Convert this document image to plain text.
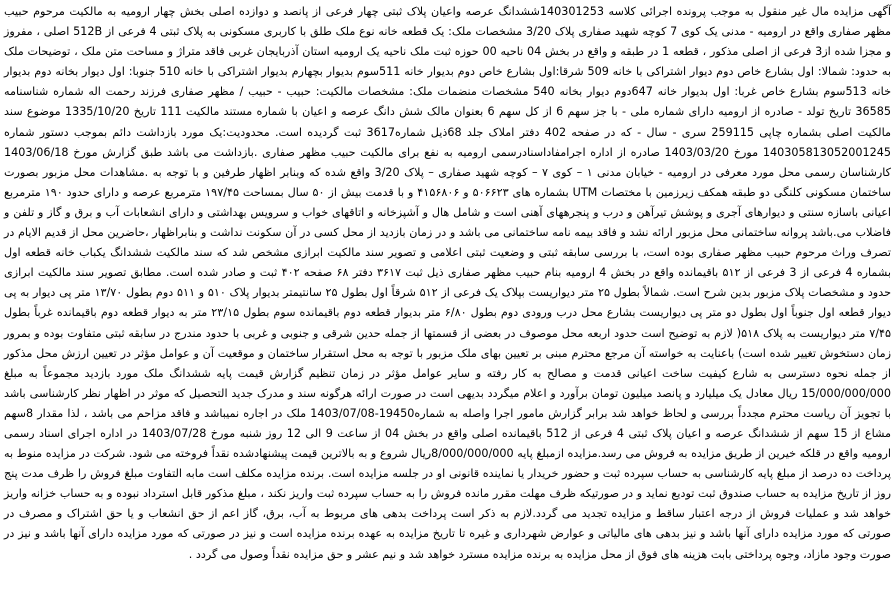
آگهی مزایده مال غیر منقول به موجب پرونده اجرائی کلاسه 140301253ششدانگ عرصه واعیان پلاک ثبتی چهار فرعی از پانصد و دوازده اصلی بخش چهار ارومیه به مالکیت مرحوم حبیب مظهر صفاری واقع در ارومیه - مدنی یک کوی 7 کوچه شهید صفاری پلاک 3/20 مشخصات ملک: یک قطعه خانه نوع ملک طلق با کاربری مسکونی به پلاک ثبتی 4 فرعی از 512B اصلی ، مفروز و مجزا شده از3 فرعی از اصلی مذکور ، قطعه 1 در طبقه و واقع در بخش 04 ناحیه 00 حوزه ثبت ملک ناحیه یک ارومیه استان آذربایجان غربی فاقد متراژ و مساحت متن ملک ، توضیحات ملک به حدود: شمالا: اول بشارع خاص دوم دیوار اشتراکی با خانه 509 شرقا:اول بشارع خاص دوم بدیوار خانه 511سوم بدیوار بچهارم بدیوار اشتراکی با خانه 510 جنوبا: اول دیوار بخانه دوم بدیوار خانه 513سوم بشارع خاص غربا: اول بدیوار خانه 647دوم دیوار بخانه 540 مشخصات منضمات ملک: مشخصات مالکیت: حبیب - حبیب / مظهر صفاری فرزند رحمت اله شماره شناسنامه 36585 تاریخ تولد - صادره از ارومیه دارای شماره ملی - با جز سهم 6 از کل سهم 6 بعنوان مالک شش دانگ عرصه و اعیان با شماره مستند مالکیت 111 تاریخ 1335/10/20 موضوع سند مالکیت اصلی بشماره چاپی 259115 سری - سال - که در صفحه 402 دفتر املاک جلد 68ذیل شماره3617 ثبت گردیده است. محدودیت:یک مورد بازداشت دائم بموجب دستور شماره 140305813052001245 مورخ 1403/03/20 صادره از اداره اجرامفاداسنادرسمی ارومیه به نفع برای مالکیت حبیب مظهر صفاری .بازداشت می باشد طبق گزارش مورخ 1403/06/18 کارشناسان رسمی محل مورد معرفی در ارومیه - خیابان مدنی ۱ – کوی ۷ – کوچه شهید صفاری – پلاک 3/20 واقع شده که وبنابر اظهار طرفین و با توجه به .مشاهدات محل مزبور بصورت ساختمان مسکونی کلنگی دو طبقه همکف زیرزمین با مختصات UTM بشماره های ۵۰۶۶۲۳ و ۴۱۵۶۸۰۶ و با قدمت بیش از ۵۰ سال بمساحت ۱۹۷/۴۵ مترمربع عرصه و دارای حدود ۱۹۰ مترمربع اعیانی باسازه سنتی و دیوارهای آجری و پوشش تیرآهن و درب و پنجرههای آهنی است و شامل هال و آشپزخانه و اتاقهای خواب و سرویس بهداشتی و دارای انشعابات آب و برق و گاز و تلفن و فاضلاب می.باشد پروانه ساختمانی محل مزبور ارائه نشد و فاقد بیمه نامه ساختمانی می باشد و در زمان بازدید از محل کسی در آن سکونت نداشت و بنابراظهار ،حاضرین محل از قدیم الایام در تصرف وراث مرحوم حبیب مظهر صفاری بوده است، با بررسی سابقه ثبتی و وضعیت ثبتی اعلامی و تصویر سند مالکیت ابرازی مشخص شد که سند مالکیت ششدانگ یکباب خانه قطعه اول بشماره 4 فرعی از 3 فرعی از ۵۱۲ باقیمانده واقع در بخش 4 ارومیه بنام حبیب مظهر صفاری ذیل ثبت ۳۶۱۷ دفتر ۶۸ صفحه ۴۰۲ ثبت و صادر شده است. مطابق تصویر سند مالکیت ابرازی حدود و مشخصات پلاک مزبور بدین شرح است. شمالاً بطول ۲۵ متر دیواریست بپلاک یک فرعی از ۵۱۲ شرقاً اول بطول ۲۵ سانتیمتر بدیوار پلاک ۵۱۰ و ۵۱۱ دوم بطول ۱۳/۷۰ متر پی دیوار به پی دیوار قطعه اول جنوباً اول بطول دو متر پی دیواریست بشارع محل درب ورودی دوم بطول ۶/۸۰ متر بدیوار قطعه دوم باقیمانده سوم بطول ۲۳/۱۵ متر به دیوار قطعه دوم باقیمانده غرباً بطول ۷/۴۵ متر دیواریست به پلاک ۵۱۸( لازم به توضیح است حدود اربعه محل موصوف در بعضی از قسمتها از جمله حدین شرقی و جنوبی و غربی با حدود مندرج در سابقه ثبتی متفاوت بوده و بمرور زمان دستخوش تغییر شده است) باعنایت به خواسته آن مرجع محترم مبنی بر تعیین بهای ملک مزبور با توجه به محل استقرار ساختمان و موقعیت آن و عوامل مؤثر در تعیین ارزش محل مذکور از جمله نحوه دسترسی به شارع کیفیت ساخت اعیانی قدمت و مصالح به کار رفته و سایر عوامل مؤثر در زمان تنظیم گزارش قیمت پایه ششدانگ ملک مورد بازدید مجموعاً به مبلغ 15/000/000/000 ریال معادل یک میلیارد و پانصد میلیون تومان برآورد و اعلام میگردد بدیهی است در صورت ارائه هرگونه سند و مدرک جدید التحصیل که موثر در اظهار نظر کارشناسی باشد با تجویز آن ریاست محترم مجدداً بررسی و لحاظ خواهد شد برابر گزارش مامور اجرا واصله به شماره19450-1403/07/08 ملک در اجاره نمیباشد و فاقد مزاحم می باشد ، لذا مقدار 8سهم مشاع از 15 سهم از ششدانگ عرصه و اعیان پلاک ثبتی 4 فرعی از 512 باقیمانده اصلی واقع در بخش 04 از ساعت 9 الی 12 روز شنبه مورخ 1403/07/28 در اداره اجرای اسناد رسمی ارومیه واقع در قلکه خیرین از طریق مزایده به فروش می رسد.مزایده ازمبلغ پایه 8/000/000/000ریال شروع و به بالاترین قیمت پیشنهادشده نقداً فروخته می شود. شرکت در مزایده منوط به پرداخت ده درصد از مبلغ پایه کارشناسی به حساب سپرده ثبت و حضور خریدار یا نماینده قانونی او در جلسه مزایده است. برنده مزایده مکلف است مابه التفاوت مبلغ فروش را ظرف مدت پنج روز از تاریخ مزایده به حساب صندوق ثبت تودیع نماید و در صورتیکه ظرف مهلت مقرر مانده فروش را به حساب سپرده ثبت واریز نکند ، مبلغ مذکور قابل استرداد نبوده و به حساب خزانه واریز خواهد شد و عملیات فروش از درجه اعتبار ساقط و مزایده تجدید می گردد.لازم به ذکر است پرداخت بدهی های مربوط به آب، برق، گاز اعم از حق انشعاب و یا حق اشتراک و مصرف در صورتی که مورد مزایده دارای آنها باشد و نیز بدهی های مالیاتی و عوارض شهرداری و غیره تا تاریخ مزایده به عهده برنده مزایده است و نیز در صورتی که مورد مزایده دارای آنها باشد و نیز در صورت وجود مازاد، وجوه پرداختی بابت هزینه های فوق از محل مزایده به برنده مزایده مسترد خواهد شد و نیم عشر و حق مزایده نقداً وصول می گردد .
